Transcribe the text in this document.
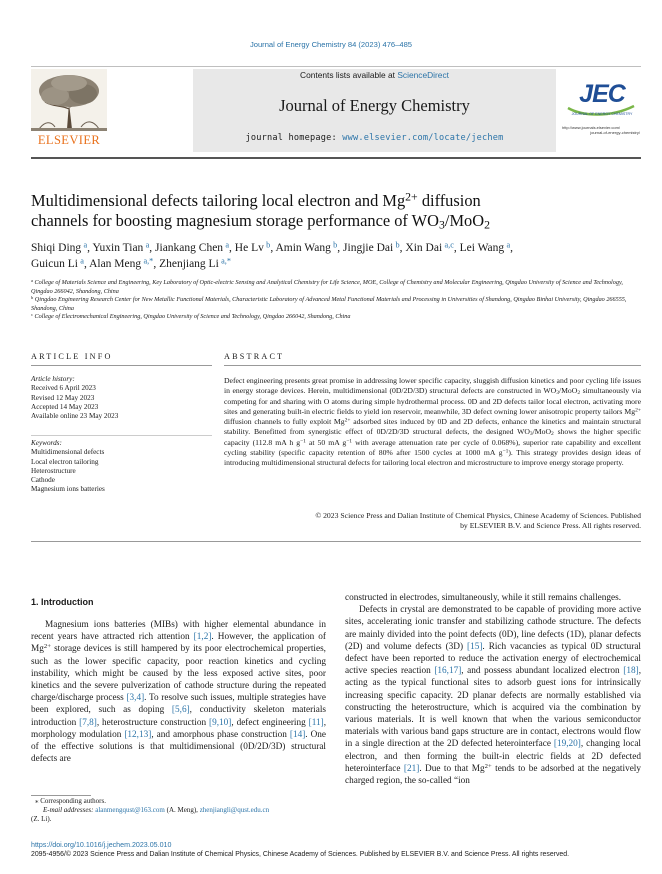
Journal of Energy Chemistry 84 (2023) 476–485
ELSEVIER
Contents lists available at ScienceDirect
Journal of Energy Chemistry
journal homepage: www.elsevier.com/locate/jechem
JEC
JOURNAL OF ENERGY CHEMISTRY
http://www.journals.elsevier.com/
journal-of-energy-chemistry/
Multidimensional defects tailoring local electron and $Mg^{2+}$ diffusion
channels for boosting magnesium storage performance of $WO_3/MoO_2$
Shiqi Ding  $^a$, Yuxin Tian  $^a$, Jiankang Chen  $^a$, He Lv  $^b$, Amin Wang  $^b$, Jingjie Dai  $^b$, Xin Dai  $^{a,c}$, Lei Wang  $^a$,
Guicun Li  $^a$, Alan Meng  $^{a,*}$, Zhenjiang Li  $^{a,*}$
$^a$ College of Materials Science and Engineering, Key Laboratory of Optic-electric Sensing and Analytical Chemistry for Life Science, MOE, College of Chemistry and Molecular Engineering, Qingdao University of Science and Technology, Qingdao 266042, Shandong, China
$^b$ Qingdao Engineering Research Center for New Metallic Functional Materials, Characteristic Laboratory of Advanced Metal Functional Materials and Processing in Universities of Shandong, Qingdao Binhai University, Qingdao 266555, Shandong, China
$^c$ College of Electromechanical Engineering, Qingdao University of Science and Technology, Qingdao 266042, Shandong, China
ARTICLE INFO	ABSTRACT
Article history:
Received 6 April 2023
Revised 12 May 2023
Accepted 14 May 2023
Available online 23 May 2023
Keywords:
Multidimensional defects
Local electron tailoring
Heterostructure
Cathode
Magnesium ions batteries
Defect engineering presents great promise in addressing lower specific capacity, sluggish diffusion kinetics and poor cycling life issues in energy storage devices. Herein, multidimensional (0D/2D/3D) structural defects are constructed in $WO_3/MoO_2$ simultaneously via competing for and sharing with O atoms during simple hydrothermal process. 0D and 2D defects tailor local electron, activating more sites and generating built-in electric fields to yield ion reservoir, meanwhile, 3D defect owning lower anisotropic property tailors $Mg^{2+}$ diffusion channels to fully exploit $Mg^{2+}$ adsorbed sites induced by 0D and 2D defects, enhance the kinetics and maintain structural stability. Benefitted from synergistic effect of 0D/2D/3D structural defects, the designed $WO_3/MoO_2$ shows the higher specific capacity (112.8 mA h $g^{-1}$ at 50 mA $g^{-1}$ with average attenuation rate per cycle of 0.068%), superior rate capability and excellent cycling stability (specific capacity retention of 80% after 1500 cycles at 1000 mA $g^{-1}$). This strategy provides design ideas of introducing multidimensional structural defects for tailoring local electron and microstructure to improve energy storage property.
© 2023 Science Press and Dalian Institute of Chemical Physics, Chinese Academy of Sciences. Published
by ELSEVIER B.V. and Science Press. All rights reserved.
1. Introduction

Magnesium ions batteries (MIBs) with higher elemental abundance in recent years have attracted rich attention [1,2]. However, the application of $Mg^{2+}$ storage devices is still hampered by its poor electrochemical properties, such as the lower specific capacity, poor reaction kinetics and cycling instability, which might be caused by the less exposed active sites, poor kinetics and the severe pulverization of cathode structure during the repeated charge/discharge process [3,4]. To resolve such issues, multiple strategies have been explored, such as doping [5,6], conductivity skeleton materials introduction [7,8], heterostructure construction [9,10], defect engineering [11], morphology modulation [12,13], and amorphous phase construction [14]. One of the effective solutions is that multidimensional (0D/2D/3D) structural defects are

constructed in electrodes, simultaneously, while it still remains challenges.

Defects in crystal are demonstrated to be capable of providing more active sites, accelerating ionic transfer and stabilizing cathode structure. The defects are mainly divided into the point defects (0D), line defects (1D), planar defects (2D) and volume defects (3D) [15]. Rich vacancies as typical 0D structural defect have been reported to reduce the activation energy of electrochemical active species reaction [16,17], and possess abundant localized electron [18], acting as the typical functional sites to adsorb guest ions for intrinsically increasing specific capacity. 2D planar defects are normally established via constructing the heterostructure, which is acquired via the combination by various materials. It is well known that when the various semiconductor materials with various band gaps structure are in contact, electrons would flow in a single direction at the 2D defected heterointerface [19,20], changing local electron, and then forming the built-in electric fields at 2D defected heterointerface [21]. Due to that $Mg^{2+}$ tends to be adsorbed at the negatively charged region, the so-called “ion

⁎ Corresponding authors.
E-mail addresses: alanmengqust@163.com (A. Meng), zhenjiangli@qust.edu.cn
(Z. Li).
https://doi.org/10.1016/j.jechem.2023.05.010
2095-4956/© 2023 Science Press and Dalian Institute of Chemical Physics, Chinese Academy of Sciences. Published by ELSEVIER B.V. and Science Press. All rights reserved.
